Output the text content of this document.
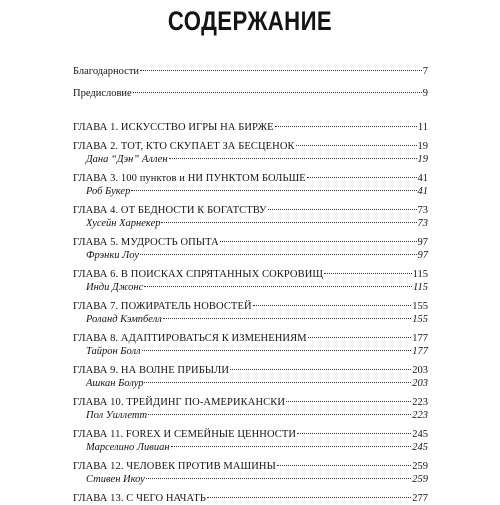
СОДЕРЖАНИЕ
Благодарности	7
Предисловие	9
ГЛАВА 1. ИСКУССТВО ИГРЫ НА БИРЖЕ	11
ГЛАВА 2. ТОТ, КТО СКУПАЕТ ЗА БЕСЦЕНОК	19
Дана “Дэн” Аллен	19
ГЛАВА 3. 100 пунктов и НИ ПУНКТОМ БОЛЬШЕ	41
Роб Букер	41
ГЛАВА 4. ОТ БЕДНОСТИ К БОГАТСТВУ	73
Хусейн Харнекер	73
ГЛАВА 5. МУДРОСТЬ ОПЫТА	97
Фрэнки Лоу	97
ГЛАВА 6. В ПОИСКАХ СПРЯТАННЫХ СОКРОВИЩ	115
Инди Джонс	115
ГЛАВА 7. ПОЖИРАТЕЛЬ НОВОСТЕЙ	155
Роланд Кэмпбелл	155
ГЛАВА 8. АДАПТИРОВАТЬСЯ К ИЗМЕНЕНИЯМ	177
Тайрон Болл	177
ГЛАВА 9. НА ВОЛНЕ ПРИБЫЛИ	203
Ашкан Болур	203
ГЛАВА 10. ТРЕЙДИНГ ПО-АМЕРИКАНСКИ	223
Пол Уиллетт	223
ГЛАВА 11. FOREX И СЕМЕЙНЫЕ ЦЕННОСТИ	245
Марселино Ливиан	245
ГЛАВА 12. ЧЕЛОВЕК ПРОТИВ МАШИНЫ	259
Стивен Икоу	259
ГЛАВА 13. С ЧЕГО НАЧАТЬ	277
